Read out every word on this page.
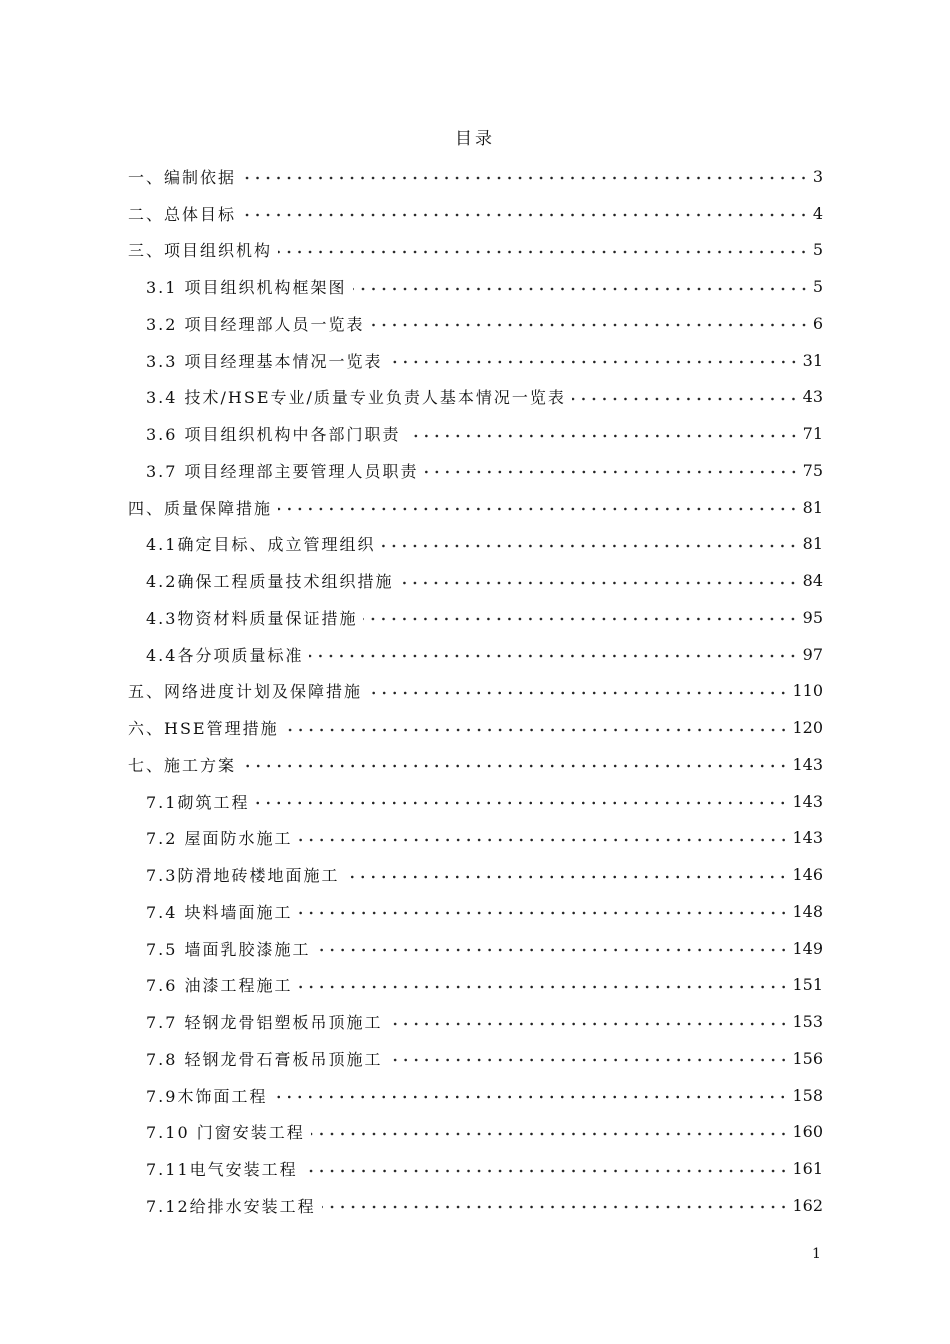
目录
一、编制依据	3
二、总体目标	4
三、项目组织机构	5
3.1 项目组织机构框架图	5
3.2 项目经理部人员一览表	6
3.3 项目经理基本情况一览表	31
3.4 技术/HSE专业/质量专业负责人基本情况一览表	43
3.6 项目组织机构中各部门职责	71
3.7 项目经理部主要管理人员职责	75
四、质量保障措施	81
4.1确定目标、成立管理组织	81
4.2确保工程质量技术组织措施	84
4.3物资材料质量保证措施	95
4.4各分项质量标准	97
五、网络进度计划及保障措施	110
六、HSE管理措施	120
七、施工方案	143
7.1砌筑工程	143
7.2 屋面防水施工	143
7.3防滑地砖楼地面施工	146
7.4 块料墙面施工	148
7.5 墙面乳胶漆施工	149
7.6 油漆工程施工	151
7.7 轻钢龙骨铝塑板吊顶施工	153
7.8 轻钢龙骨石膏板吊顶施工	156
7.9木饰面工程	158
7.10 门窗安装工程	160
7.11电气安装工程	161
7.12给排水安装工程	162
1
